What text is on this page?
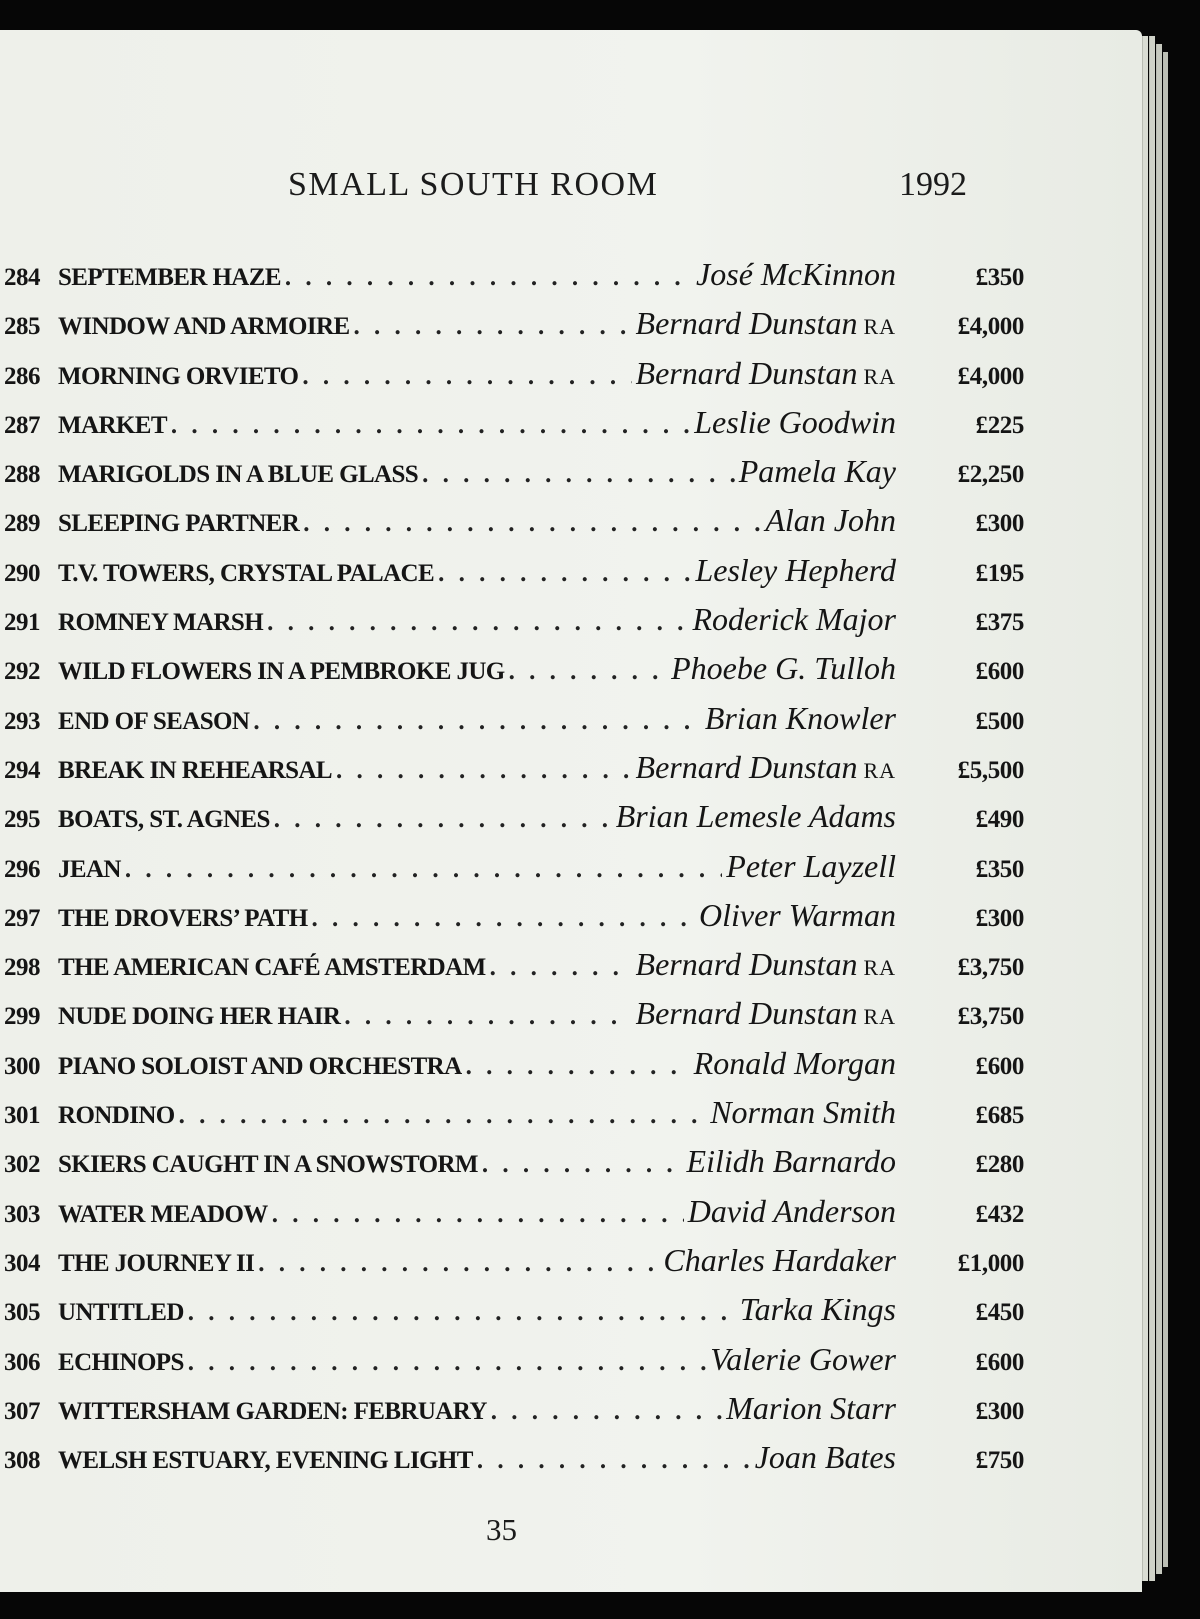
SMALL SOUTH ROOM	1992
284 SEPTEMBER HAZE . . .	José McKinnon	£350
285 WINDOW AND ARMOIRE . . .	Bernard Dunstan RA	£4,000
286 MORNING ORVIETO . . .	Bernard Dunstan RA	£4,000
287 MARKET . . .	Leslie Goodwin	£225
288 MARIGOLDS IN A BLUE GLASS . . .	Pamela Kay	£2,250
289 SLEEPING PARTNER . . .	Alan John	£300
290 T.V. TOWERS, CRYSTAL PALACE . . .	Lesley Hepherd	£195
291 ROMNEY MARSH . . .	Roderick Major	£375
292 WILD FLOWERS IN A PEMBROKE JUG . . .	Phoebe G. Tulloh	£600
293 END OF SEASON . . .	Brian Knowler	£500
294 BREAK IN REHEARSAL . . .	Bernard Dunstan RA	£5,500
295 BOATS, ST. AGNES . . .	Brian Lemesle Adams	£490
296 JEAN . . .	Peter Layzell	£350
297 THE DROVERS’ PATH . . .	Oliver Warman	£300
298 THE AMERICAN CAFÉ AMSTERDAM . . .	Bernard Dunstan RA	£3,750
299 NUDE DOING HER HAIR . . .	Bernard Dunstan RA	£3,750
300 PIANO SOLOIST AND ORCHESTRA . . .	Ronald Morgan	£600
301 RONDINO . . .	Norman Smith	£685
302 SKIERS CAUGHT IN A SNOWSTORM . . .	Eilidh Barnardo	£280
303 WATER MEADOW . . .	David Anderson	£432
304 THE JOURNEY II . . .	Charles Hardaker	£1,000
305 UNTITLED . . .	Tarka Kings	£450
306 ECHINOPS . . .	Valerie Gower	£600
307 WITTERSHAM GARDEN: FEBRUARY . . .	Marion Starr	£300
308 WELSH ESTUARY, EVENING LIGHT . . .	Joan Bates	£750
35
